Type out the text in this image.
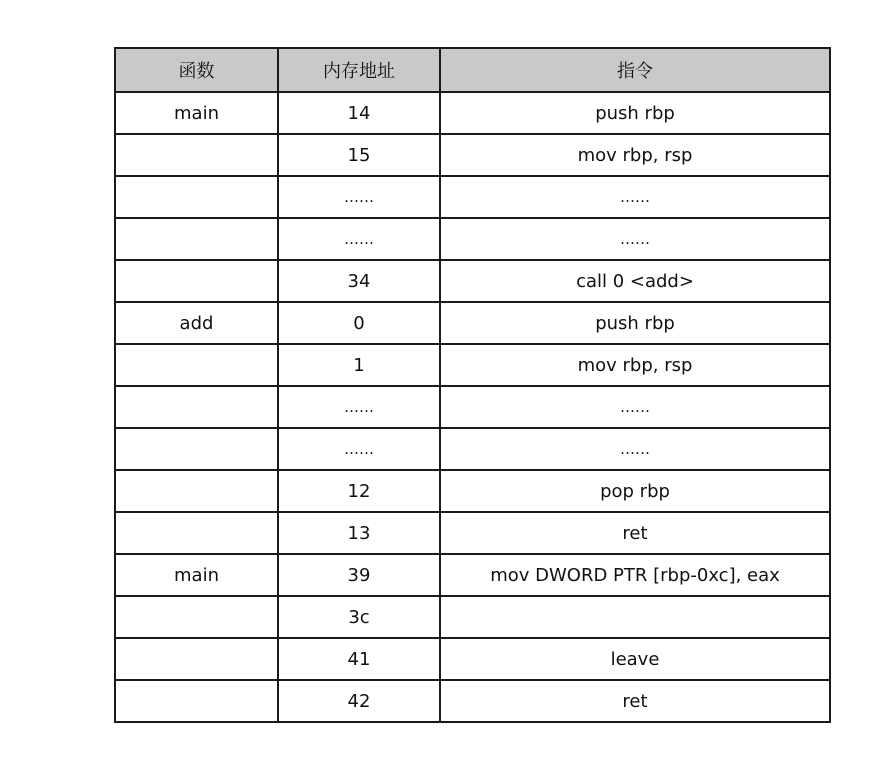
函数	内存地址	指令
main	14	push rbp
	15	mov rbp, rsp
	……	……
	……	……
	34	call 0 <add>
add	0	push rbp
	1	mov rbp, rsp
	……	……
	……	……
	12	pop rbp
	13	ret
main	39	mov DWORD PTR [rbp-0xc], eax
	3c	
	41	leave
	42	ret
